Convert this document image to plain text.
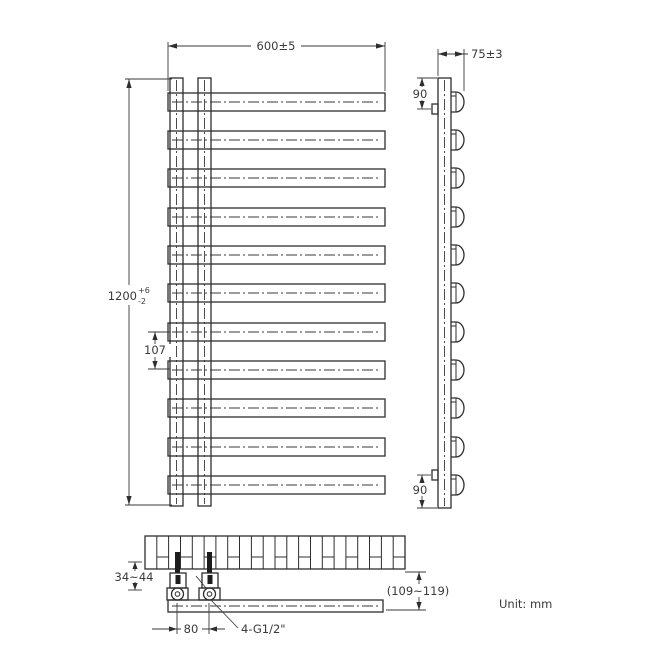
600±5
1200 +6
-2
107
75±3
90
90
34~44
(109~119)
80	4-G1/2"
Unit: mm
